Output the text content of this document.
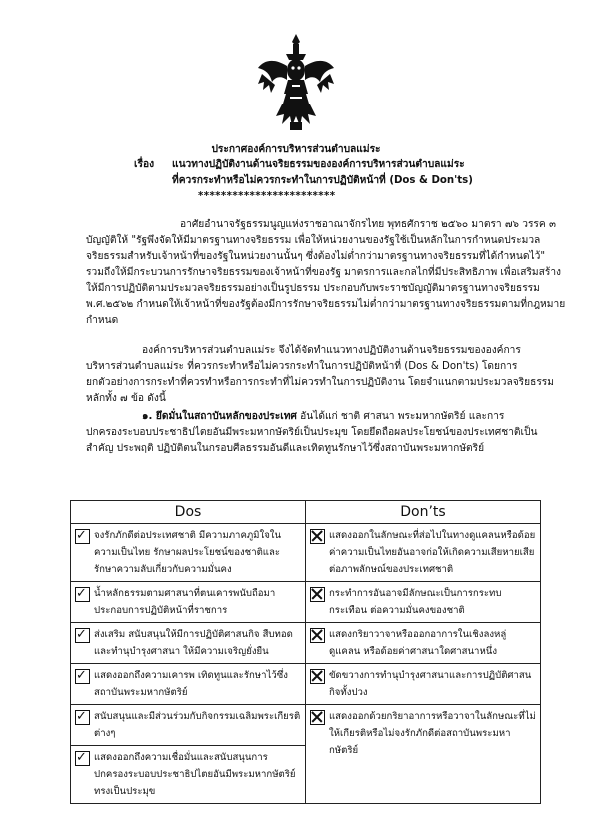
ประกาศองค์การบริหารส่วนตำบลแม่ระ
เรื่อง แนวทางปฏิบัติงานด้านจริยธรรมขององค์การบริหารส่วนตำบลแม่ระ
ที่ควรกระทำหรือไม่ควรกระทำในการปฏิบัติหน้าที่ (Dos & Don'ts)
************************
อาศัยอำนาจรัฐธรรมนูญแห่งราชอาณาจักรไทย พุทธศักราช ๒๕๖๐ มาตรา ๗๖ วรรค ๓
บัญญัติให้ "รัฐพึงจัดให้มีมาตรฐานทางจริยธรรม เพื่อให้หน่วยงานของรัฐใช้เป็นหลักในการกำหนดประมวล
จริยธรรมสำหรับเจ้าหน้าที่ของรัฐในหน่วยงานนั้นๆ ซึ่งต้องไม่ต่ำกว่ามาตรฐานทางจริยธรรมที่ได้กำหนดไว้"
รวมถึงให้มีกระบวนการรักษาจริยธรรมของเจ้าหน้าที่ของรัฐ มาตรการและกลไกที่มีประสิทธิภาพ เพื่อเสริมสร้าง
ให้มีการปฏิบัติตามประมวลจริยธรรมอย่างเป็นรูปธรรม ประกอบกับพระราชบัญญัติมาตรฐานทางจริยธรรม
พ.ศ.๒๕๖๒ กำหนดให้เจ้าหน้าที่ของรัฐต้องมีการรักษาจริยธรรมไม่ต่ำกว่ามาตรฐานทางจริยธรรมตามที่กฎหมาย
กำหนด
องค์การบริหารส่วนตำบลแม่ระ จึงได้จัดทำแนวทางปฏิบัติงานด้านจริยธรรมขององค์การ
บริหารส่วนตำบลแม่ระ ที่ควรกระทำหรือไม่ควรกระทำในการปฏิบัติหน้าที่ (Dos & Don'ts) โดยการ
ยกตัวอย่างการกระทำที่ควรทำหรือการกระทำที่ไม่ควรทำในการปฏิบัติงาน โดยจำแนกตามประมวลจริยธรรม
หลักทั้ง ๗ ข้อ ดังนี้
๑. ยึดมั่นในสถาบันหลักของประเทศ อันได้แก่ ชาติ ศาสนา พระมหากษัตริย์ และการ
ปกครองระบอบประชาธิปไตยอันมีพระมหากษัตริย์เป็นประมุข โดยยึดถือผลประโยชน์ของประเทศชาติเป็น
สำคัญ ประพฤติ ปฏิบัติตนในกรอบศีลธรรมอันดีและเทิดทูนรักษาไว้ซึ่งสถาบันพระมหากษัตริย์
Dos	Don’ts

✓
จงรักภักดีต่อประเทศชาติ มีความภาคภูมิใจในความเป็นไทย รักษาผลประโยชน์ของชาติและรักษาความลับเกี่ยวกับความมั่นคง	แสดงออกในลักษณะที่ส่อไปในทางดูแคลนหรือด้อยค่าความเป็นไทยอันอาจก่อให้เกิดความเสียหายเสียต่อภาพลักษณ์ของประเทศชาติ

✓
น้ำหลักธรรมตามศาสนาที่ตนเคารพนับถือมาประกอบการปฏิบัติหน้าที่ราชการ	กระทำการอันอาจมีลักษณะเป็นการกระทบกระเทือน ต่อความมั่นคงของชาติ

✓
ส่งเสริม สนับสนุนให้มีการปฏิบัติศาสนกิจ สืบทอด และทำนุบำรุงศาสนา ให้มีความเจริญยั่งยืน	แสดงกริยาวาจาหรือออกอาการในเชิงลงหลู่ดูแคลน หรือด้อยค่าศาสนาใดศาสนาหนึ่ง

✓
แสดงออกถึงความเคารพ เทิดทูนและรักษาไว้ซึ่ง สถาบันพระมหากษัตริย์	ขัดขวางการทำนุบำรุงศาสนาและการปฏิบัติศาสนกิจทั้งปวง

✓
สนับสนุนและมีส่วนร่วมกับกิจกรรมเฉลิมพระเกียรติต่างๆ	แสดงออกด้วยกริยาอาการหรือวาจาในลักษณะที่ไม่ให้เกียรติหรือไม่จงรักภักดีต่อสถาบันพระมหากษัตริย์

✓
แสดงออกถึงความเชื่อมั่นและสนับสนุนการปกครองระบอบประชาธิปไตยอันมีพระมหากษัตริย์ทรงเป็นประมุข
